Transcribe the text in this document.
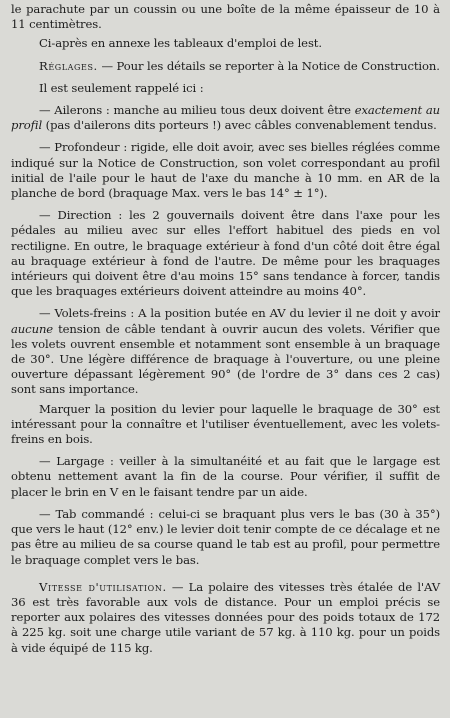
le parachute par un coussin ou une boîte de la même épaisseur de 10 à 11 centimètres.

Ci-après en annexe les tableaux d'emploi de lest.

Réglages. — Pour les détails se reporter à la Notice de Construction.

Il est seulement rappelé ici :

— Ailerons : manche au milieu tous deux doivent être exactement au profil (pas d'ailerons dits porteurs !) avec câbles convenablement tendus.

— Profondeur : rigide, elle doit avoir, avec ses bielles réglées comme indiqué sur la Notice de Construction, son volet correspondant au profil initial de l'aile pour le haut de l'axe du manche à 10 mm. en AR de la planche de bord (braquage Max. vers le bas 14° ± 1°).

— Direction : les 2 gouvernails doivent être dans l'axe pour les pédales au milieu avec sur elles l'effort habituel des pieds en vol rectiligne. En outre, le braquage extérieur à fond d'un côté doit être égal au braquage extérieur à fond de l'autre. De même pour les braquages intérieurs qui doivent être d'au moins 15° sans tendance à forcer, tandis que les braquages extérieurs doivent atteindre au moins 40°.

— Volets-freins : A la position butée en AV du levier il ne doit y avoir aucune tension de câble tendant à ouvrir aucun des volets. Vérifier que les volets ouvrent ensemble et notamment sont ensemble à un braquage de 30°. Une légère différence de braquage à l'ouverture, ou une pleine ouverture dépassant légèrement 90° (de l'ordre de 3° dans ces 2 cas) sont sans importance.

Marquer la position du levier pour laquelle le braquage de 30° est intéressant pour la connaître et l'utiliser éventuellement, avec les volets-freins en bois.

— Largage : veiller à la simultanéité et au fait que le largage est obtenu nettement avant la fin de la course. Pour vérifier, il suffit de placer le brin en V en le faisant tendre par un aide.

— Tab commandé : celui-ci se braquant plus vers le bas (30 à 35°) que vers le haut (12° env.) le levier doit tenir compte de ce décalage et ne pas être au milieu de sa course quand le tab est au profil, pour permettre le braquage complet vers le bas.

Vitesse d'utilisation. — La polaire des vitesses très étalée de l'AV 36 est très favorable aux vols de distance. Pour un emploi précis se reporter aux polaires des vitesses données pour des poids totaux de 172 à 225 kg. soit une charge utile variant de 57 kg. à 110 kg. pour un poids à vide équipé de 115 kg.
